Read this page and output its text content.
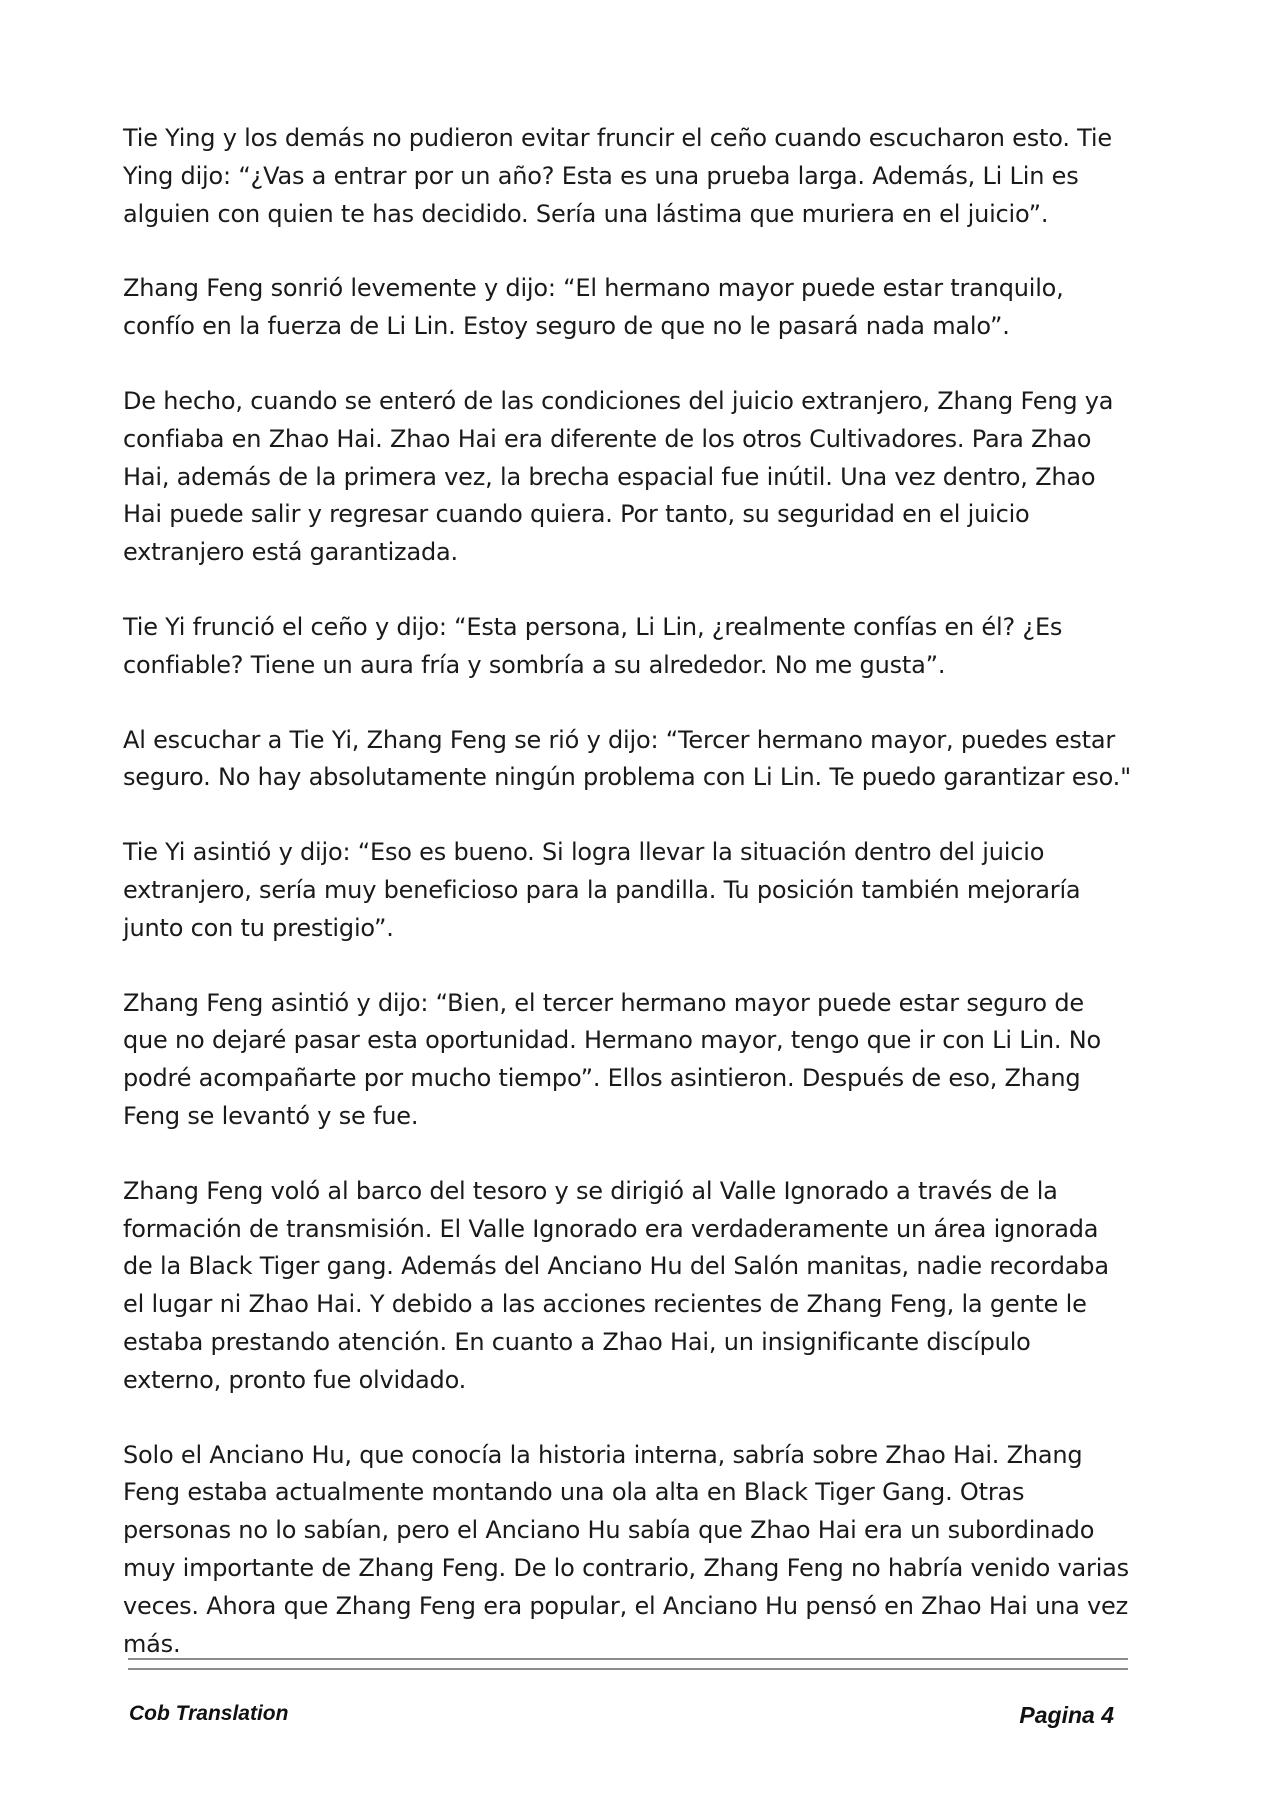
Tie Ying y los demás no pudieron evitar fruncir el ceño cuando escucharon esto. Tie Ying dijo: “¿Vas a entrar por un año? Esta es una prueba larga. Además, Li Lin es alguien con quien te has decidido. Sería una lástima que muriera en el juicio”.

Zhang Feng sonrió levemente y dijo: “El hermano mayor puede estar tranquilo, confío en la fuerza de Li Lin. Estoy seguro de que no le pasará nada malo”.

De hecho, cuando se enteró de las condiciones del juicio extranjero, Zhang Feng ya confiaba en Zhao Hai. Zhao Hai era diferente de los otros Cultivadores. Para Zhao Hai, además de la primera vez, la brecha espacial fue inútil. Una vez dentro, Zhao Hai puede salir y regresar cuando quiera. Por tanto, su seguridad en el juicio extranjero está garantizada.

Tie Yi frunció el ceño y dijo: “Esta persona, Li Lin, ¿realmente confías en él? ¿Es confiable? Tiene un aura fría y sombría a su alrededor. No me gusta”.

Al escuchar a Tie Yi, Zhang Feng se rió y dijo: “Tercer hermano mayor, puedes estar seguro. No hay absolutamente ningún problema con Li Lin. Te puedo garantizar eso."

Tie Yi asintió y dijo: “Eso es bueno. Si logra llevar la situación dentro del juicio extranjero, sería muy beneficioso para la pandilla. Tu posición también mejoraría junto con tu prestigio”.

Zhang Feng asintió y dijo: “Bien, el tercer hermano mayor puede estar seguro de que no dejaré pasar esta oportunidad. Hermano mayor, tengo que ir con Li Lin. No podré acompañarte por mucho tiempo”. Ellos asintieron. Después de eso, Zhang Feng se levantó y se fue.

Zhang Feng voló al barco del tesoro y se dirigió al Valle Ignorado a través de la formación de transmisión. El Valle Ignorado era verdaderamente un área ignorada de la Black Tiger gang. Además del Anciano Hu del Salón manitas, nadie recordaba el lugar ni Zhao Hai. Y debido a las acciones recientes de Zhang Feng, la gente le estaba prestando atención. En cuanto a Zhao Hai, un insignificante discípulo externo, pronto fue olvidado.

Solo el Anciano Hu, que conocía la historia interna, sabría sobre Zhao Hai. Zhang Feng estaba actualmente montando una ola alta en Black Tiger Gang. Otras personas no lo sabían, pero el Anciano Hu sabía que Zhao Hai era un subordinado muy importante de Zhang Feng. De lo contrario, Zhang Feng no habría venido varias veces. Ahora que Zhang Feng era popular, el Anciano Hu pensó en Zhao Hai una vez más.

Cob Translation	Pagina 4
